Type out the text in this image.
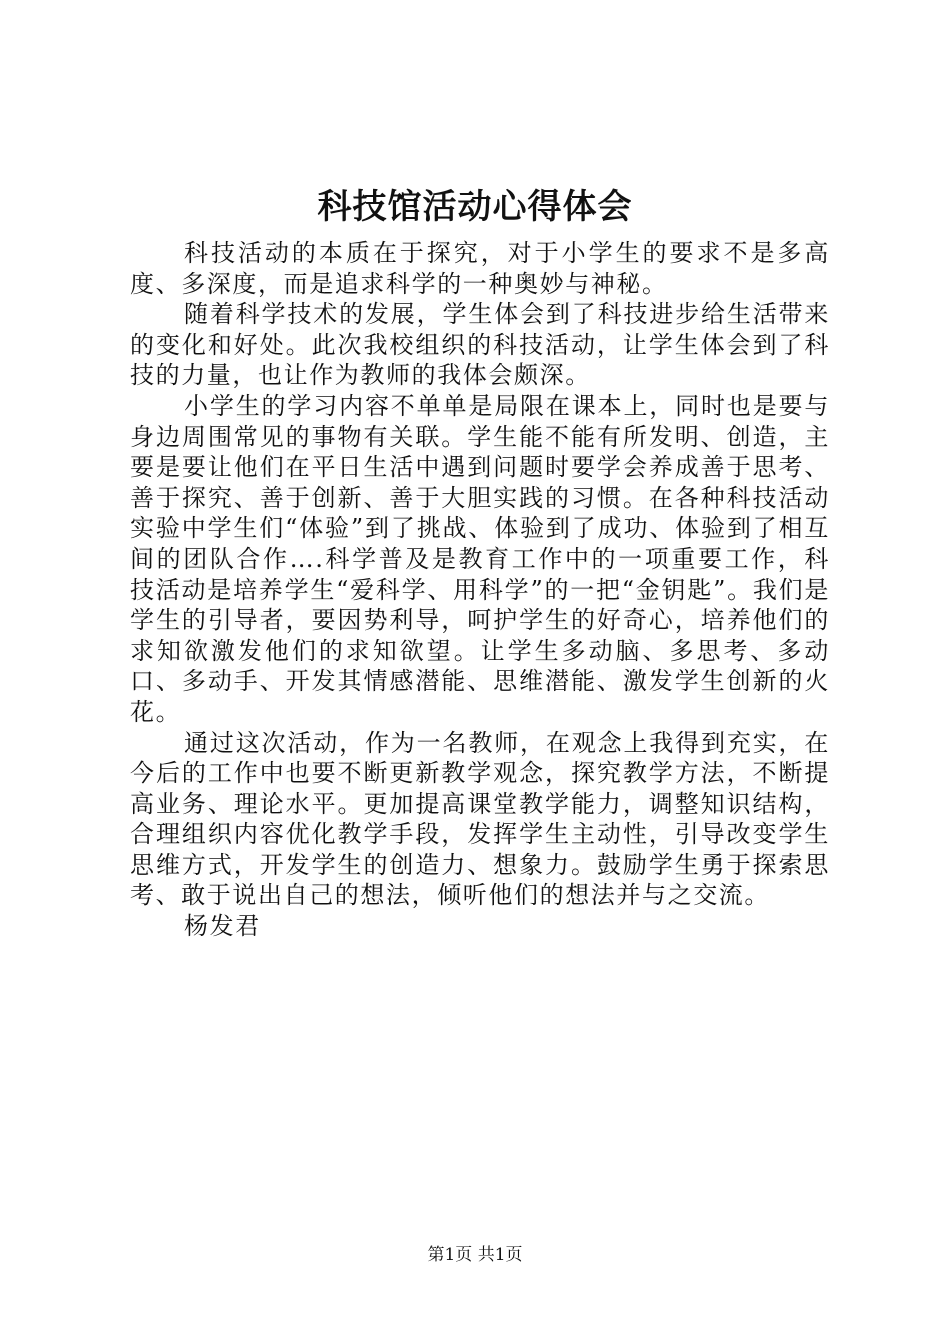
科技馆活动心得体会

科技活动的本质在于探究，对于小学生的要求不是多高度、多深度，而是追求科学的一种奥妙与神秘。

随着科学技术的发展，学生体会到了科技进步给生活带来的变化和好处。此次我校组织的科技活动，让学生体会到了科技的力量，也让作为教师的我体会颇深。

小学生的学习内容不单单是局限在课本上，同时也是要与身边周围常见的事物有关联。学生能不能有所发明、创造，主要是要让他们在平日生活中遇到问题时要学会养成善于思考、善于探究、善于创新、善于大胆实践的习惯。在各种科技活动实验中学生们“体验”到了挑战、体验到了成功、体验到了相互间的团队合作….科学普及是教育工作中的一项重要工作，科技活动是培养学生“爱科学、用科学”的一把“金钥匙”。我们是学生的引导者，要因势利导，呵护学生的好奇心，培养他们的求知欲激发他们的求知欲望。让学生多动脑、多思考、多动口、多动手、开发其情感潜能、思维潜能、激发学生创新的火花。

通过这次活动，作为一名教师，在观念上我得到充实，在今后的工作中也要不断更新教学观念，探究教学方法，不断提高业务、理论水平。更加提高课堂教学能力，调整知识结构，合理组织内容优化教学手段，发挥学生主动性，引导改变学生思维方式，开发学生的创造力、想象力。鼓励学生勇于探索思考、敢于说出自己的想法，倾听他们的想法并与之交流。

杨发君

第1页 共1页
